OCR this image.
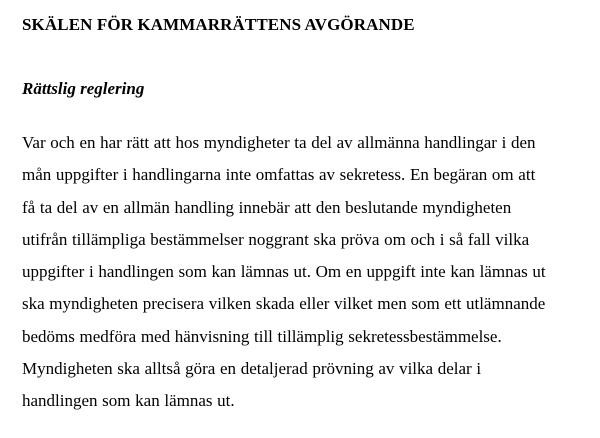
SKÄLEN FÖR KAMMARRÄTTENS AVGÖRANDE
Rättslig reglering

Var och en har rätt att hos myndigheter ta del av allmänna handlingar i den
mån uppgifter i handlingarna inte omfattas av sekretess. En begäran om att
få ta del av en allmän handling innebär att den beslutande myndigheten
utifrån tillämpliga bestämmelser noggrant ska pröva om och i så fall vilka
uppgifter i handlingen som kan lämnas ut. Om en uppgift inte kan lämnas ut
ska myndigheten precisera vilken skada eller vilket men som ett utlämnande
bedöms medföra med hänvisning till tillämplig sekretessbestämmelse.
Myndigheten ska alltså göra en detaljerad prövning av vilka delar i
handlingen som kan lämnas ut.
